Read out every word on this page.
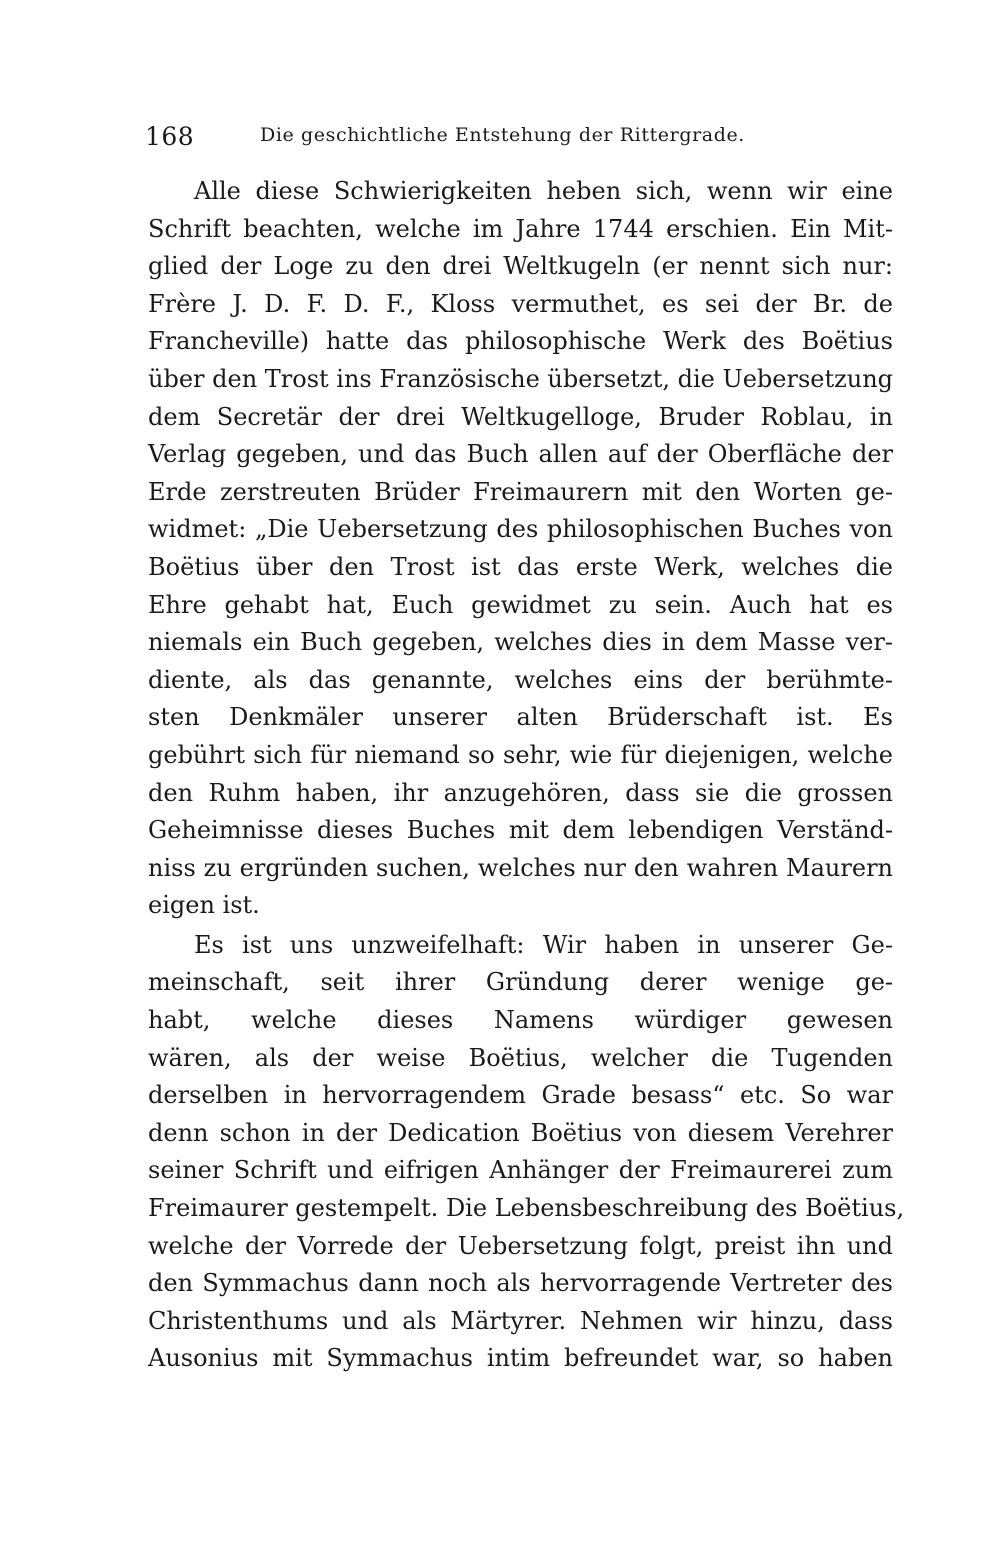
168	Die geschichtliche Entstehung der Rittergrade.
Alle diese Schwierigkeiten heben sich, wenn wir eine
Schrift beachten, welche im Jahre 1744 erschien. Ein Mit-
glied der Loge zu den drei Weltkugeln (er nennt sich nur:
Frère J. D. F. D. F., Kloss vermuthet, es sei der Br. de
Francheville) hatte das philosophische Werk des Boëtius
über den Trost ins Französische übersetzt, die Uebersetzung
dem Secretär der drei Weltkugelloge, Bruder Roblau, in
Verlag gegeben, und das Buch allen auf der Oberfläche der
Erde zerstreuten Brüder Freimaurern mit den Worten ge-
widmet: „Die Uebersetzung des philosophischen Buches von
Boëtius über den Trost ist das erste Werk, welches die
Ehre gehabt hat, Euch gewidmet zu sein. Auch hat es
niemals ein Buch gegeben, welches dies in dem Masse ver-
diente, als das genannte, welches eins der berühmte-
sten Denkmäler unserer alten Brüderschaft ist. Es
gebührt sich für niemand so sehr, wie für diejenigen, welche
den Ruhm haben, ihr anzugehören, dass sie die grossen
Geheimnisse dieses Buches mit dem lebendigen Verständ-
niss zu ergründen suchen, welches nur den wahren Maurern
eigen ist.
Es ist uns unzweifelhaft: Wir haben in unserer Ge-
meinschaft, seit ihrer Gründung derer wenige ge-
habt, welche dieses Namens würdiger gewesen
wären, als der weise Boëtius, welcher die Tugenden
derselben in hervorragendem Grade besass“ etc. So war
denn schon in der Dedication Boëtius von diesem Verehrer
seiner Schrift und eifrigen Anhänger der Freimaurerei zum
Freimaurer gestempelt. Die Lebensbeschreibung des Boëtius,
welche der Vorrede der Uebersetzung folgt, preist ihn und
den Symmachus dann noch als hervorragende Vertreter des
Christenthums und als Märtyrer. Nehmen wir hinzu, dass
Ausonius mit Symmachus intim befreundet war, so haben
